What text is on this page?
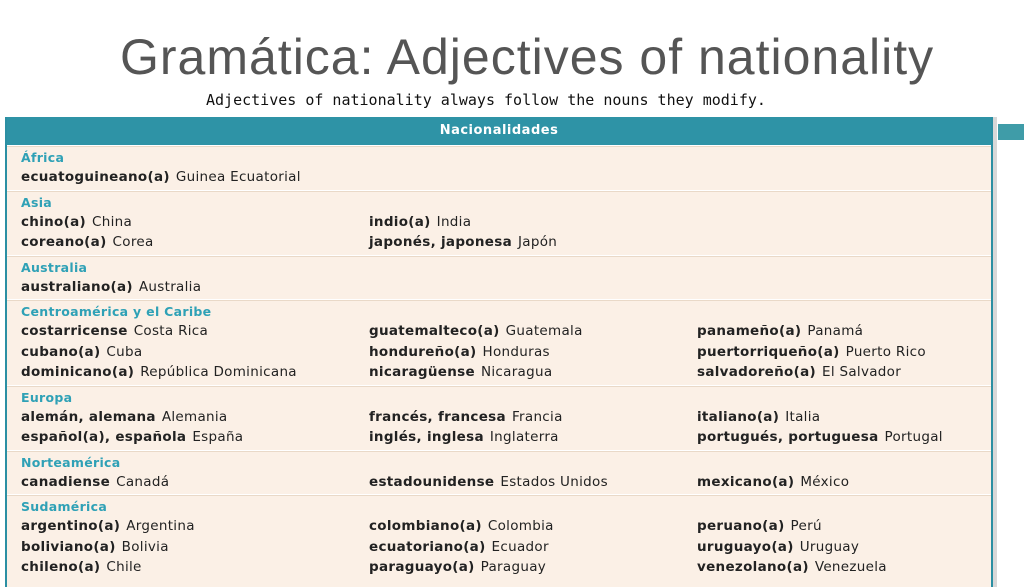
Gramática: Adjectives of nationality
Adjectives of nationality always follow the nouns they modify.
Nacionalidades
África
ecuatoguineano(a) Guinea Ecuatorial
Asia
chino(a) China	indio(a) India
coreano(a) Corea	japonés, japonesa Japón
Australia
australiano(a) Australia
Centroamérica y el Caribe
costarricense Costa Rica	guatemalteco(a) Guatemala	panameño(a) Panamá
cubano(a) Cuba	hondureño(a) Honduras	puertorriqueño(a) Puerto Rico
dominicano(a) República Dominicana	nicaragüense Nicaragua	salvadoreño(a) El Salvador
Europa
alemán, alemana Alemania	francés, francesa Francia	italiano(a) Italia
español(a), española España	inglés, inglesa Inglaterra	portugués, portuguesa Portugal
Norteamérica
canadiense Canadá	estadounidense Estados Unidos	mexicano(a) México
Sudamérica
argentino(a) Argentina	colombiano(a) Colombia	peruano(a) Perú
boliviano(a) Bolivia	ecuatoriano(a) Ecuador	uruguayo(a) Uruguay
chileno(a) Chile	paraguayo(a) Paraguay	venezolano(a) Venezuela
